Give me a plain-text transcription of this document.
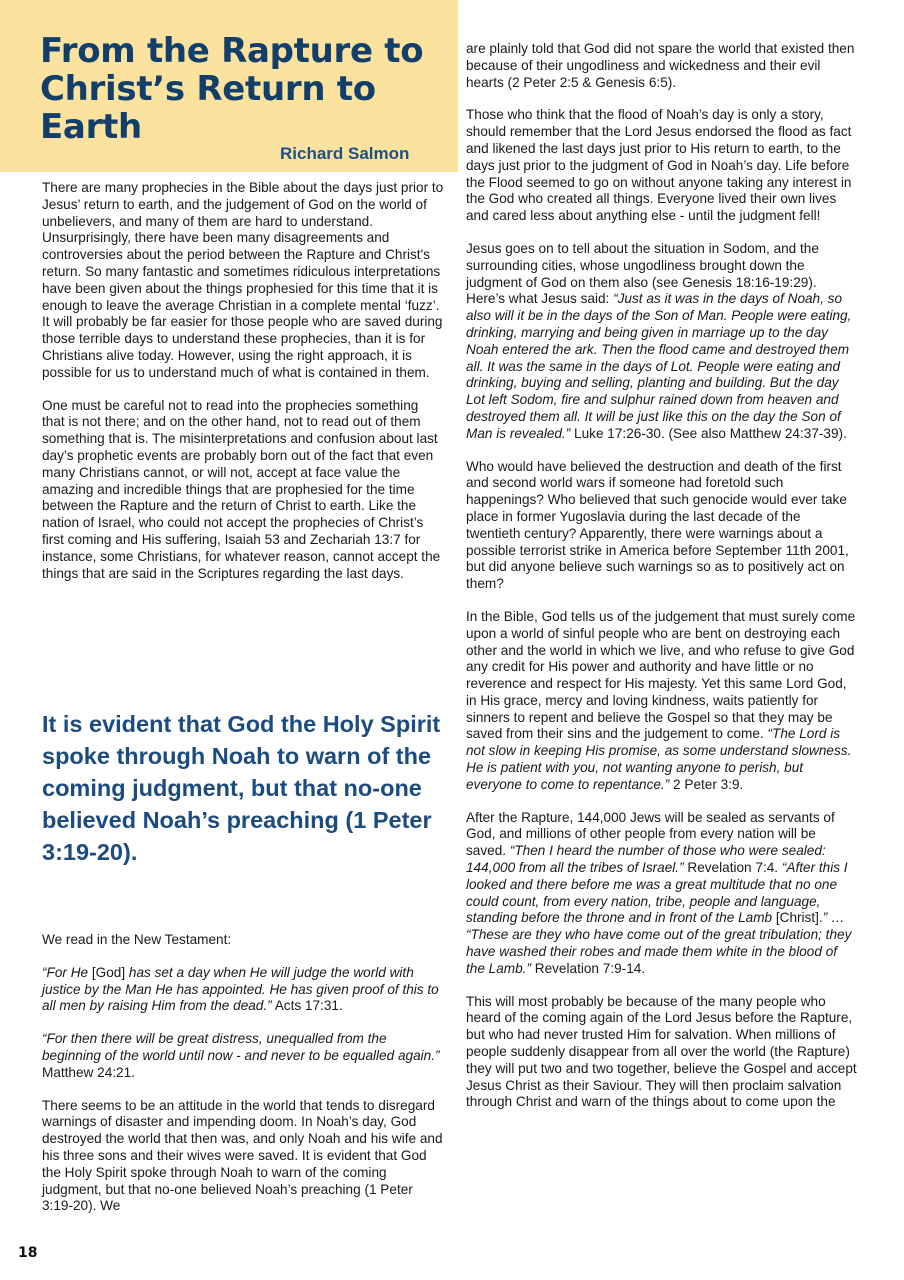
From the Rapture to Christ’s Return to Earth

Richard Salmon

There are many prophecies in the Bible about the days just prior to Jesus’ return to earth, and the judgement of God on the world of unbelievers, and many of them are hard to understand. Unsurprisingly, there have been many disagreements and controversies about the period between the Rapture and Christ's return. So many fantastic and sometimes ridiculous interpretations have been given about the things prophesied for this time that it is enough to leave the average Christian in a complete mental ‘fuzz’. It will probably be far easier for those people who are saved during those terrible days to understand these prophecies, than it is for Christians alive today. However, using the right approach, it is possible for us to understand much of what is contained in them.

One must be careful not to read into the prophecies something that is not there; and on the other hand, not to read out of them something that is. The misinterpretations and confusion about last day’s prophetic events are probably born out of the fact that even many Christians cannot, or will not, accept at face value the amazing and incredible things that are prophesied for the time between the Rapture and the return of Christ to earth. Like the nation of Israel, who could not accept the prophecies of Christ’s first coming and His suffering, Isaiah 53 and Zechariah 13:7 for instance, some Christians, for whatever reason, cannot accept the things that are said in the Scriptures regarding the last days.

It is evident that God the Holy Spirit spoke through Noah to warn of the coming judgment, but that no-one believed Noah’s preaching (1 Peter 3:19-20).

We read in the New Testament:

“For He [God] has set a day when He will judge the world with justice by the Man He has appointed. He has given proof of this to all men by raising Him from the dead.” Acts 17:31.

“For then there will be great distress, unequalled from the beginning of the world until now - and never to be equalled again.” Matthew 24:21.

There seems to be an attitude in the world that tends to disregard warnings of disaster and impending doom. In Noah’s day, God destroyed the world that then was, and only Noah and his wife and his three sons and their wives were saved. It is evident that God the Holy Spirit spoke through Noah to warn of the coming judgment, but that no-one believed Noah’s preaching (1 Peter 3:19-20). We

are plainly told that God did not spare the world that existed then because of their ungodliness and wickedness and their evil hearts (2 Peter 2:5 & Genesis 6:5).

Those who think that the flood of Noah’s day is only a story, should remember that the Lord Jesus endorsed the flood as fact and likened the last days just prior to His return to earth, to the days just prior to the judgment of God in Noah’s day. Life before the Flood seemed to go on without anyone taking any interest in the God who created all things. Everyone lived their own lives and cared less about anything else - until the judgment fell!

Jesus goes on to tell about the situation in Sodom, and the surrounding cities, whose ungodliness brought down the judgment of God on them also (see Genesis 18:16-19:29). Here’s what Jesus said: “Just as it was in the days of Noah, so also will it be in the days of the Son of Man. People were eating, drinking, marrying and being given in marriage up to the day Noah entered the ark. Then the flood came and destroyed them all. It was the same in the days of Lot. People were eating and drinking, buying and selling, planting and building. But the day Lot left Sodom, fire and sulphur rained down from heaven and destroyed them all. It will be just like this on the day the Son of Man is revealed.” Luke 17:26-30. (See also Matthew 24:37-39).

Who would have believed the destruction and death of the first and second world wars if someone had foretold such happenings? Who believed that such genocide would ever take place in former Yugoslavia during the last decade of the twentieth century? Apparently, there were warnings about a possible terrorist strike in America before September 11th 2001, but did anyone believe such warnings so as to positively act on them?

In the Bible, God tells us of the judgement that must surely come upon a world of sinful people who are bent on destroying each other and the world in which we live, and who refuse to give God any credit for His power and authority and have little or no reverence and respect for His majesty. Yet this same Lord God, in His grace, mercy and loving kindness, waits patiently for sinners to repent and believe the Gospel so that they may be saved from their sins and the judgement to come. “The Lord is not slow in keeping His promise, as some understand slowness. He is patient with you, not wanting anyone to perish, but everyone to come to repentance.” 2 Peter 3:9.

After the Rapture, 144,000 Jews will be sealed as servants of God, and millions of other people from every nation will be saved. “Then I heard the number of those who were sealed: 144,000 from all the tribes of Israel.” Revelation 7:4. “After this I looked and there before me was a great multitude that no one could count, from every nation, tribe, people and language, standing before the throne and in front of the Lamb [Christ].” … “These are they who have come out of the great tribulation; they have washed their robes and made them white in the blood of the Lamb.” Revelation 7:9-14.

This will most probably be because of the many people who heard of the coming again of the Lord Jesus before the Rapture, but who had never trusted Him for salvation. When millions of people suddenly disappear from all over the world (the Rapture) they will put two and two together, believe the Gospel and accept Jesus Christ as their Saviour. They will then proclaim salvation through Christ and warn of the things about to come upon the

18
